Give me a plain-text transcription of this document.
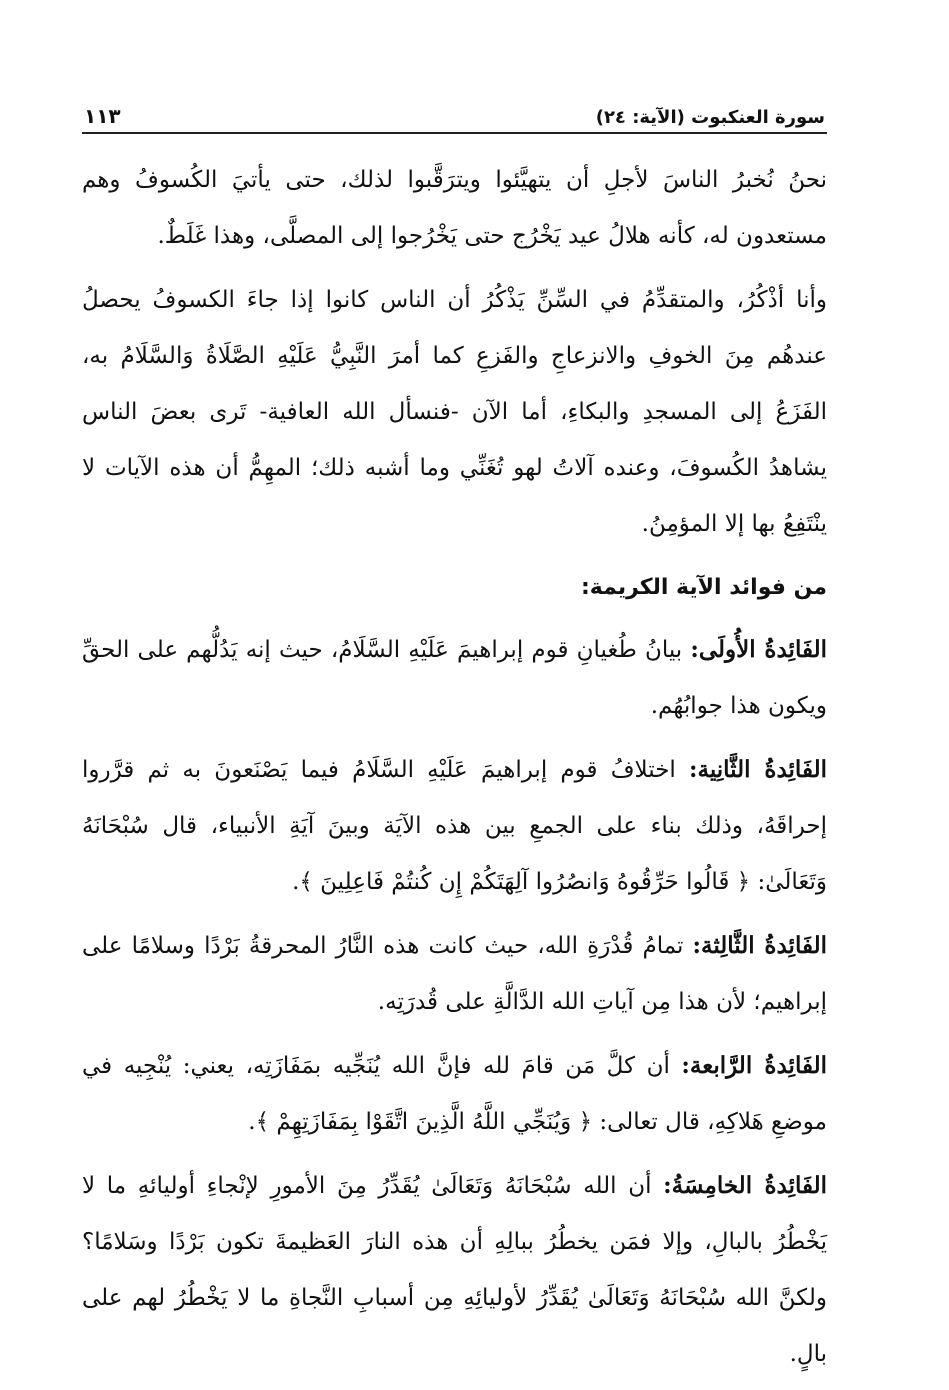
سورة العنكبوت (الآية: ٢٤)
١١٣

نحنُ نُخبرُ الناسَ لأجلِ أن يتهيَّئوا ويترَقَّبوا لذلك، حتى يأتيَ الكُسوفُ وهم مستعدون له، كأنه هلالُ عيد يَخْرُج حتى يَخْرُجوا إلى المصلَّى، وهذا غَلَطٌ.

وأنا أذْكُرُ، والمتقدِّمُ في السِّنِّ يَذْكُرُ أن الناس كانوا إذا جاءَ الكسوفُ يحصلُ عندهُم مِنَ الخوفِ والانزعاجِ والفَزعِ كما أمرَ النَّبِيُّ عَلَيْهِ الصَّلَاةُ وَالسَّلَامُ به، الفَزَعُ إلى المسجدِ والبكاءِ، أما الآن -فنسأل الله العافية- تَرى بعضَ الناس يشاهدُ الكُسوفَ، وعنده آلاتُ لهو تُغَنِّي وما أشبه ذلك؛ المهِمُّ أن هذه الآيات لا ينْتَفِعُ بها إلا المؤمِنُ.

من فوائد الآية الكريمة:

الفَائِدةُ الأُولَى: بيانُ طُغيانِ قوم إبراهيمَ عَلَيْهِ السَّلَامُ، حيث إنه يَدُلُّهم على الحقِّ ويكون هذا جوابُهُم.

الفَائِدةُ الثَّانِية: اختلافُ قوم إبراهيمَ عَلَيْهِ السَّلَامُ فيما يَصْنَعونَ به ثم قرَّروا إحراقَهُ، وذلك بناء على الجمعِ بين هذه الآيَة وبينَ آيَةِ الأنبياء، قال سُبْحَانَهُ وَتَعَالَىٰ: ﴿ قَالُوا حَرِّقُوهُ وَانصُرُوا آلِهَتَكُمْ إِن كُنتُمْ فَاعِلِينَ ﴾.

الفَائِدةُ الثَّالِثة: تمامُ قُدْرَةِ الله، حيث كانت هذه النَّارُ المحرقةُ بَرْدًا وسلامًا على إبراهيم؛ لأن هذا مِن آياتِ الله الدَّالَّةِ على قُدرَتِه.

الفَائِدةُ الرَّابعة: أن كلَّ مَن قامَ لله فإنَّ الله يُنَجِّيه بمَفَازَتِه، يعني: يُنْجِيه في موضعِ هَلاكِهِ، قال تعالى: ﴿ وَيُنَجِّي اللَّهُ الَّذِينَ اتَّقَوْا بِمَفَازَتِهِمْ ﴾.

الفَائِدةُ الخامِسَةُ: أن الله سُبْحَانَهُ وَتَعَالَىٰ يُقَدِّرُ مِنَ الأمورِ لإنْجاءِ أوليائهِ ما لا يَخْطُرُ بالبالِ، وإلا فمَن يخطُرُ ببالِهِ أن هذه النارَ العَظيمةَ تكون بَرْدًا وسَلامًا؟ ولكنَّ الله سُبْحَانَهُ وَتَعَالَىٰ يُقَدِّرُ لأوليائِهِ مِن أسبابِ النَّجاةِ ما لا يَخْطُرُ لهم على بالٍ.
